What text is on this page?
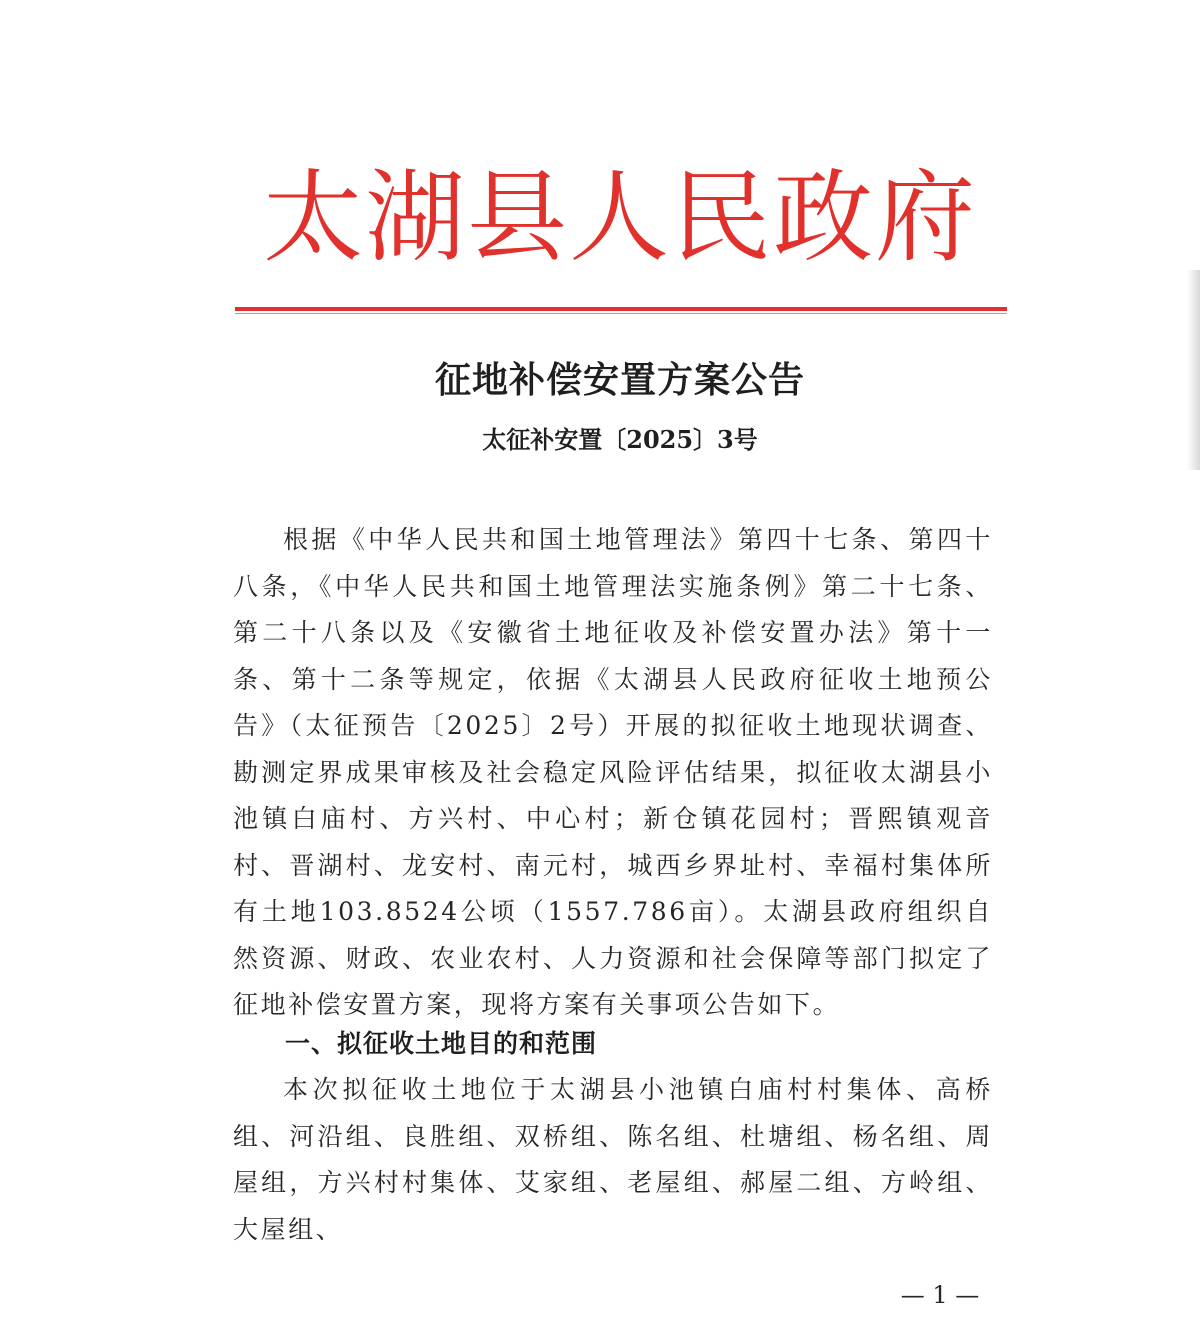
太湖县人民政府
征地补偿安置方案公告
太征补安置〔2025〕3号

根据《中华人民共和国土地管理法》第四十七条、第四十八条，《中华人民共和国土地管理法实施条例》第二十七条、第二十八条以及《安徽省土地征收及补偿安置办法》第十一条、第十二条等规定，依据《太湖县人民政府征收土地预公告》（太征预告〔2025〕2号）开展的拟征收土地现状调查、勘测定界成果审核及社会稳定风险评估结果，拟征收太湖县小池镇白庙村、方兴村、中心村；新仓镇花园村；晋熙镇观音村、晋湖村、龙安村、南元村，城西乡界址村、幸福村集体所有土地103.8524公顷（1557.786亩）。太湖县政府组织自然资源、财政、农业农村、人力资源和社会保障等部门拟定了征地补偿安置方案，现将方案有关事项公告如下。

一、拟征收土地目的和范围

本次拟征收土地位于太湖县小池镇白庙村村集体、高桥组、河沿组、良胜组、双桥组、陈名组、杜塘组、杨名组、周屋组，方兴村村集体、艾家组、老屋组、郝屋二组、方岭组、大屋组、

— 1 —
